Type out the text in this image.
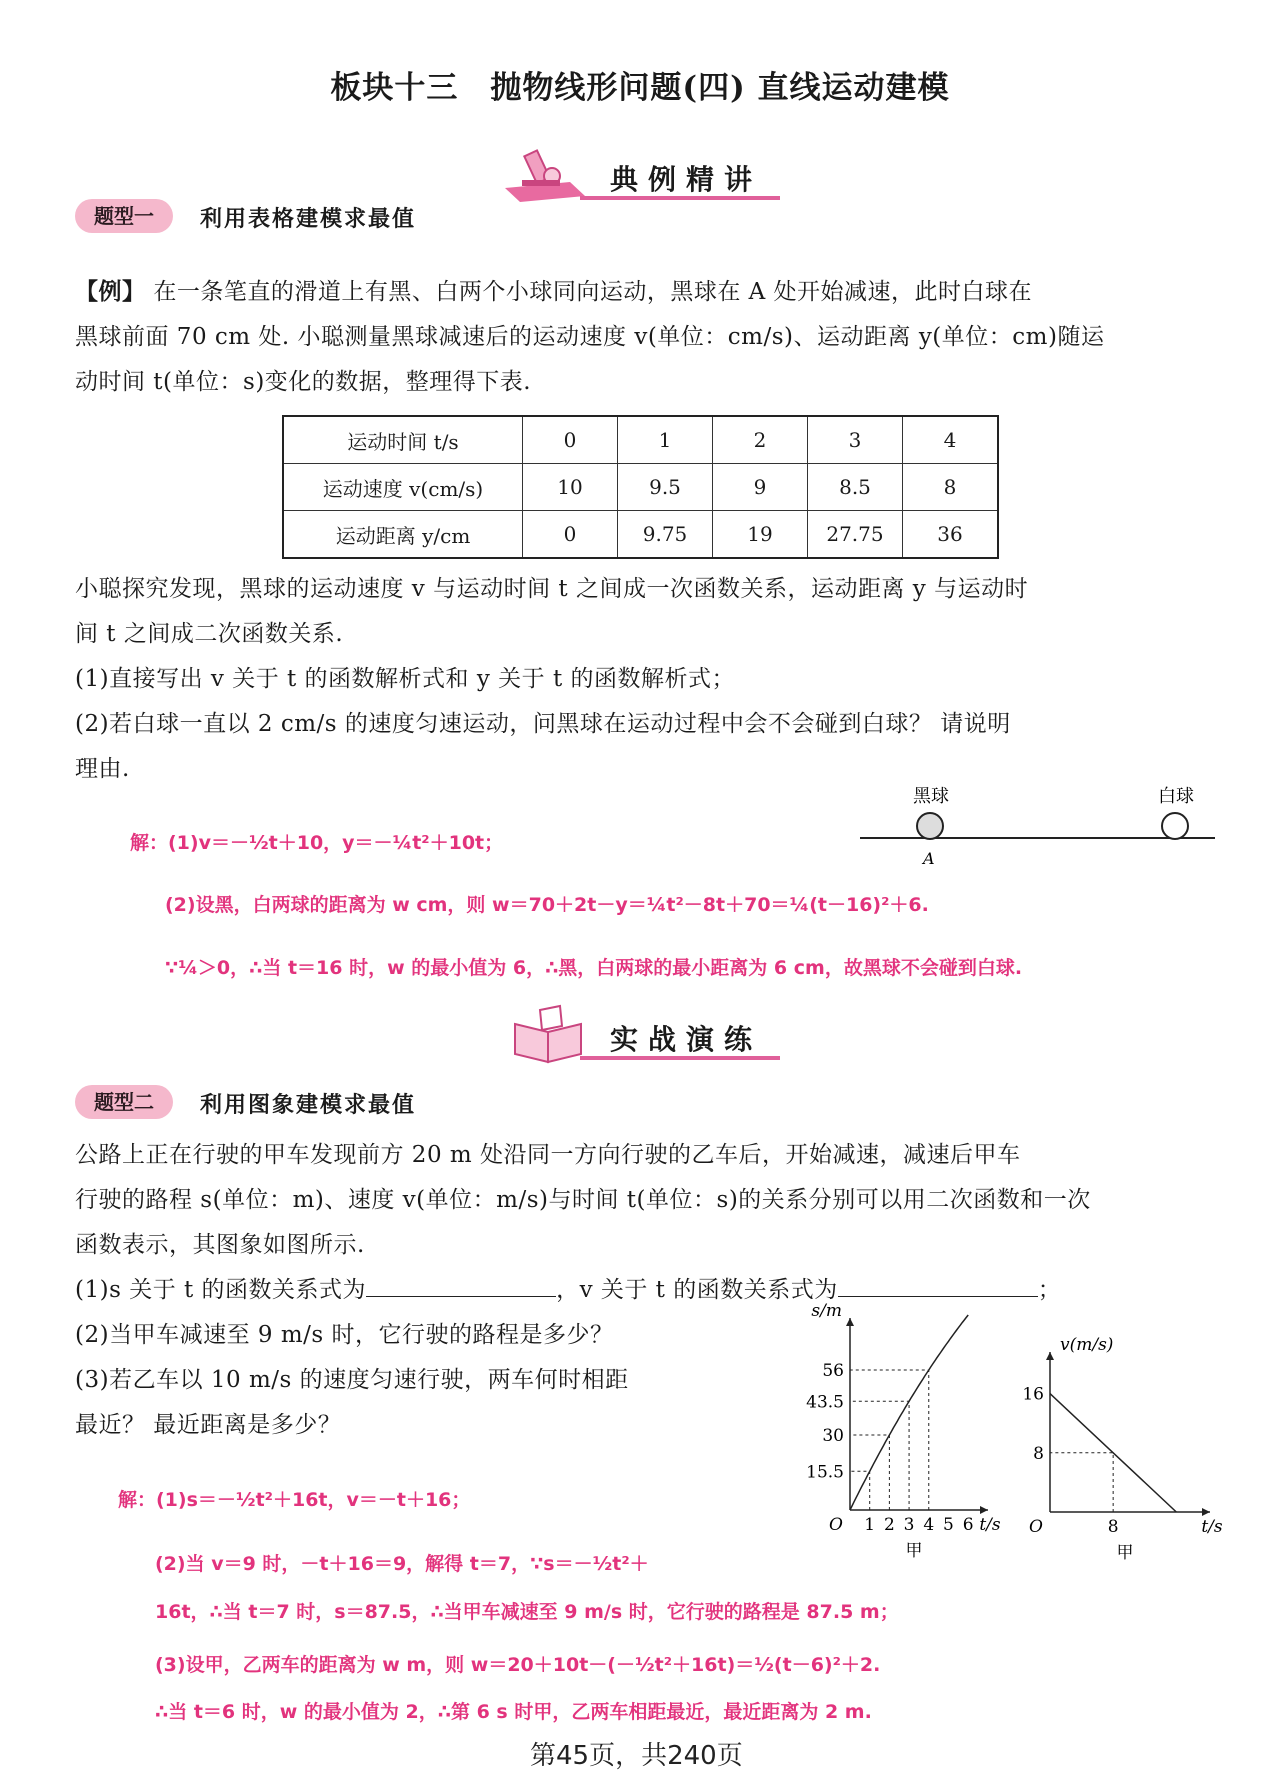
板块十三　抛物线形问题(四) 直线运动建模
典例精讲
题型一	利用表格建模求最值
【例】 在一条笔直的滑道上有黑、白两个小球同向运动，黑球在 A 处开始减速，此时白球在
黑球前面 70 cm 处. 小聪测量黑球减速后的运动速度 v(单位：cm/s)、运动距离 y(单位：cm)随运
动时间 t(单位：s)变化的数据，整理得下表.
运动时间 t/s	0	1	2	3	4
运动速度 v(cm/s)	10	9.5	9	8.5	8
运动距离 y/cm	0	9.75	19	27.75	36
小聪探究发现，黑球的运动速度 v 与运动时间 t 之间成一次函数关系，运动距离 y 与运动时
间 t 之间成二次函数关系.
(1)直接写出 v 关于 t 的函数解析式和 y 关于 t 的函数解析式；
(2)若白球一直以 2 cm/s 的速度匀速运动，问黑球在运动过程中会不会碰到白球？ 请说明
理由.
黑球	白球
A
解：(1)v＝－½t＋10，y＝－¼t²＋10t；
(2)设黑，白两球的距离为 w cm，则 w＝70＋2t－y＝¼t²－8t＋70＝¼(t－16)²＋6.
∵¼＞0，∴当 t＝16 时，w 的最小值为 6，∴黑，白两球的最小距离为 6 cm，故黑球不会碰到白球.
实战演练
题型二	利用图象建模求最值
公路上正在行驶的甲车发现前方 20 m 处沿同一方向行驶的乙车后，开始减速，减速后甲车
行驶的路程 s(单位：m)、速度 v(单位：m/s)与时间 t(单位：s)的关系分别可以用二次函数和一次
函数表示，其图象如图所示.
(1)s 关于 t 的函数关系式为	，v 关于 t 的函数关系式为	；
(2)当甲车减速至 9 m/s 时，它行驶的路程是多少？
(3)若乙车以 10 m/s 的速度匀速行驶，两车何时相距
最近？ 最近距离是多少？
1 2 3 4 5 6
15.5
30
43.5
56
O	t/s
s/m
甲
8
8
16
O	t/s
v(m/s)
甲
解：(1)s＝－½t²＋16t，v＝－t＋16；
(2)当 v＝9 时，－t＋16＝9，解得 t＝7，∵s＝－½t²＋
16t，∴当 t＝7 时，s＝87.5，∴当甲车减速至 9 m/s 时，它行驶的路程是 87.5 m；
(3)设甲，乙两车的距离为 w m，则 w＝20＋10t－(－½t²＋16t)＝½(t－6)²＋2.
∴当 t＝6 时，w 的最小值为 2，∴第 6 s 时甲，乙两车相距最近，最近距离为 2 m.
第45页，共240页
